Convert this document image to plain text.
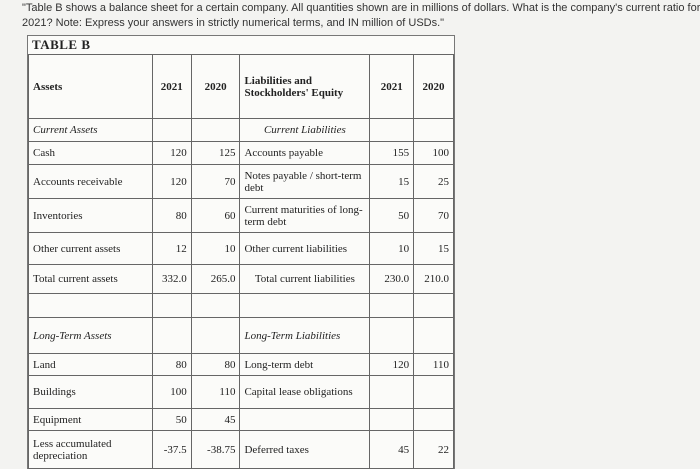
"Table B shows a balance sheet for a certain company. All quantities shown are in millions of dollars. What is the company's current ratio for
2021? Note: Express your answers in strictly numerical terms, and IN million of USDs."
TABLE B
Assets	2021	2020	Liabilities and Stockholders' Equity	2021	2020
Current Assets			Current Liabilities		
Cash	120	125	Accounts payable	155	100
Accounts receivable	120	70	Notes payable / short-term debt	15	25
Inventories	80	60	Current maturities of long-term debt	50	70
Other current assets	12	10	Other current liabilities	10	15
Total current assets	332.0	265.0	Total current liabilities	230.0	210.0

Long-Term Assets			Long-Term Liabilities		
Land	80	80	Long-term debt	120	110
Buildings	100	110	Capital lease obligations		
Equipment	50	45			
Less accumulated depreciation	-37.5	-38.75	Deferred taxes	45	22
